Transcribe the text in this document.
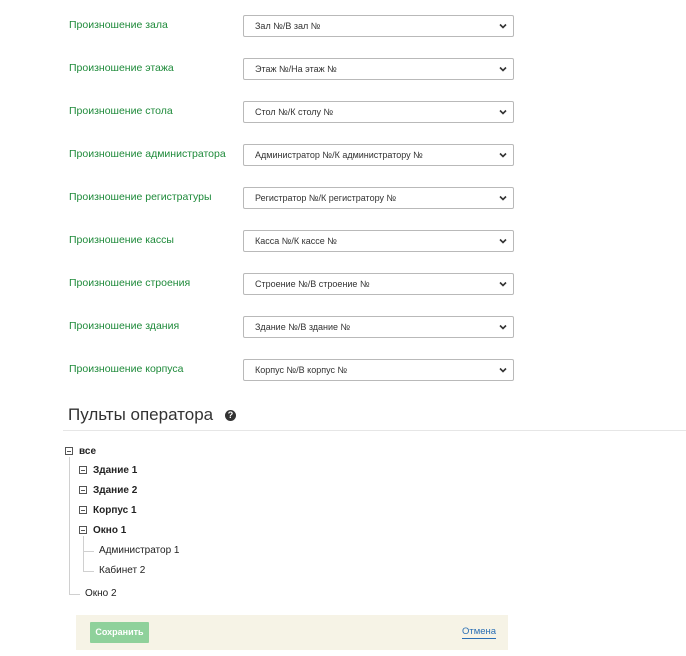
Произношение зала	Зал №/В зал №
Произношение этажа	Этаж №/На этаж №
Произношение стола	Стол №/К столу №
Произношение администратора	Администратор №/К администратору №
Произношение регистратуры	Регистратор №/К регистратору №
Произношение кассы	Касса №/К кассе №
Произношение строения	Строение №/В строение №
Произношение здания	Здание №/В здание №
Произношение корпуса	Корпус №/В корпус №
Пульты оператора	?
все
Здание 1
Здание 2
Корпус 1
Окно 1
Администратор 1
Кабинет 2
Окно 2
Сохранить	Отмена
